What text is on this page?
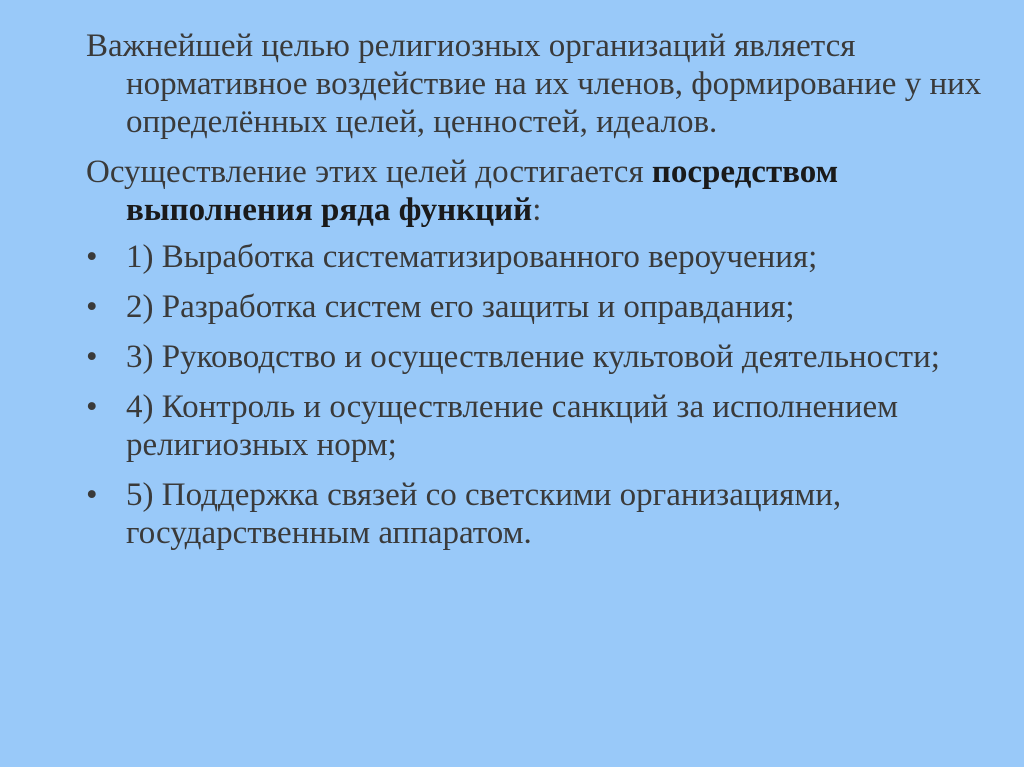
Важнейшей целью религиозных организаций является нормативное воздействие на их членов, формирование у них определённых целей, ценностей, идеалов.

Осуществление этих целей достигается посредством выполнения ряда функций:

• 1) Выработка систематизированного вероучения;
• 2) Разработка систем его защиты и оправдания;
• 3) Руководство и осуществление культовой деятельности;
• 4) Контроль и осуществление санкций за исполнением религиозных норм;
• 5) Поддержка связей со светскими организациями, государственным аппаратом.
